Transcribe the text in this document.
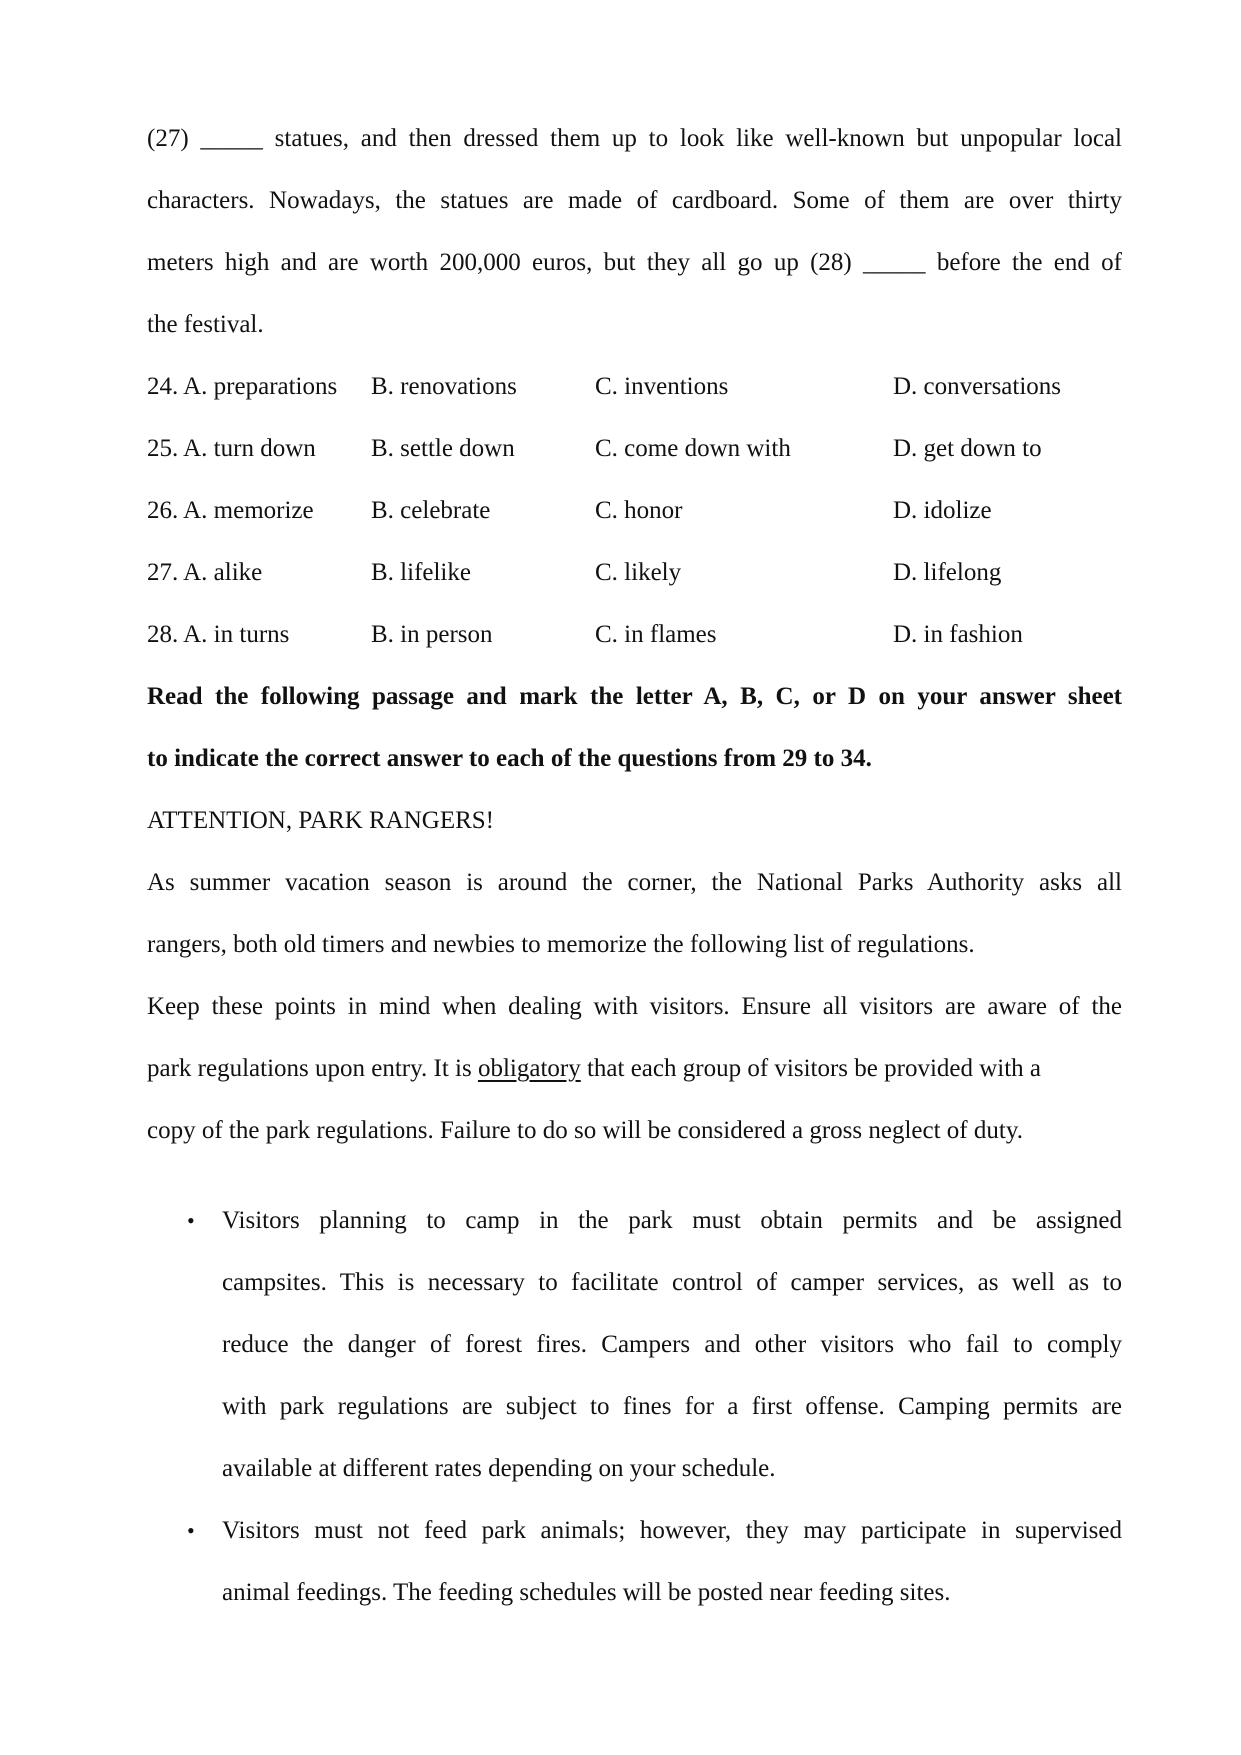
(27) _____ statues, and then dressed them up to look like well-known but unpopular local
characters. Nowadays, the statues are made of cardboard. Some of them are over thirty
meters high and are worth 200,000 euros, but they all go up (28) _____ before the end of
the festival.
24. A. preparations B. renovations	C. inventions	D. conversations
25. A. turn down B. settle down	C. come down with	D. get down to
26. A. memorize B. celebrate	C. honor	D. idolize
27. A. alike	B. lifelike	C. likely	D. lifelong
28. A. in turns	B. in person	C. in flames	D. in fashion
Read the following passage and mark the letter A, B, C, or D on your answer sheet
to indicate the correct answer to each of the questions from 29 to 34.
ATTENTION, PARK RANGERS!
As summer vacation season is around the corner, the National Parks Authority asks all
rangers, both old timers and newbies to memorize the following list of regulations.
Keep these points in mind when dealing with visitors. Ensure all visitors are aware of the
park regulations upon entry. It is obligatory that each group of visitors be provided with a
copy of the park regulations. Failure to do so will be considered a gross neglect of duty.
• Visitors planning to camp in the park must obtain permits and be assigned
campsites. This is necessary to facilitate control of camper services, as well as to
reduce the danger of forest fires. Campers and other visitors who fail to comply
with park regulations are subject to fines for a first offense. Camping permits are
available at different rates depending on your schedule.
• Visitors must not feed park animals; however, they may participate in supervised
animal feedings. The feeding schedules will be posted near feeding sites.
